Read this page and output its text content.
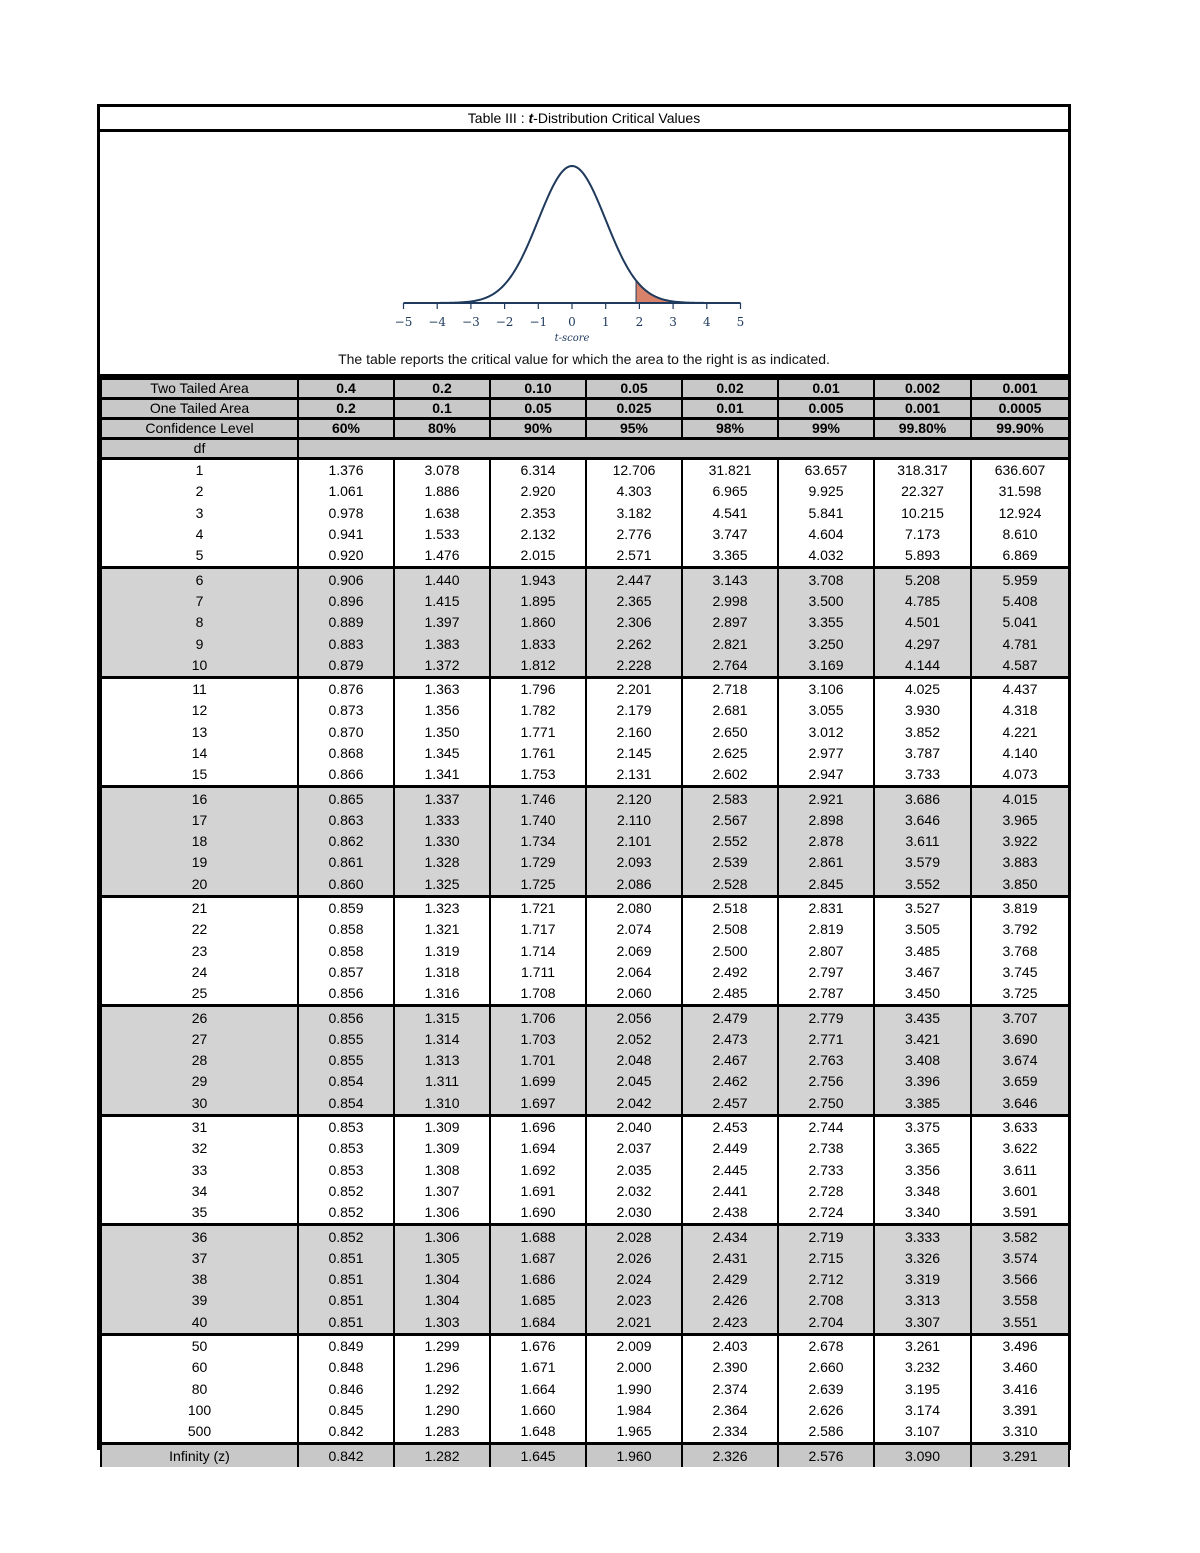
Table III : t-Distribution Critical Values
−5 −4 −3 −2 −1 0 1 2 3 4 5
t-score
The table reports the critical value for which the area to the right is as indicated.
Two Tailed Area	0.4	0.2	0.10	0.05	0.02	0.01	0.002	0.001
One Tailed Area	0.2	0.1	0.05	0.025	0.01	0.005	0.001	0.0005
Confidence Level	60%	80%	90%	95%	98%	99%	99.80%	99.90%
df								
1	1.376	3.078	6.314	12.706	31.821	63.657	318.317	636.607
2	1.061	1.886	2.920	4.303	6.965	9.925	22.327	31.598
3	0.978	1.638	2.353	3.182	4.541	5.841	10.215	12.924
4	0.941	1.533	2.132	2.776	3.747	4.604	7.173	8.610
5	0.920	1.476	2.015	2.571	3.365	4.032	5.893	6.869
6	0.906	1.440	1.943	2.447	3.143	3.708	5.208	5.959
7	0.896	1.415	1.895	2.365	2.998	3.500	4.785	5.408
8	0.889	1.397	1.860	2.306	2.897	3.355	4.501	5.041
9	0.883	1.383	1.833	2.262	2.821	3.250	4.297	4.781
10	0.879	1.372	1.812	2.228	2.764	3.169	4.144	4.587
11	0.876	1.363	1.796	2.201	2.718	3.106	4.025	4.437
12	0.873	1.356	1.782	2.179	2.681	3.055	3.930	4.318
13	0.870	1.350	1.771	2.160	2.650	3.012	3.852	4.221
14	0.868	1.345	1.761	2.145	2.625	2.977	3.787	4.140
15	0.866	1.341	1.753	2.131	2.602	2.947	3.733	4.073
16	0.865	1.337	1.746	2.120	2.583	2.921	3.686	4.015
17	0.863	1.333	1.740	2.110	2.567	2.898	3.646	3.965
18	0.862	1.330	1.734	2.101	2.552	2.878	3.611	3.922
19	0.861	1.328	1.729	2.093	2.539	2.861	3.579	3.883
20	0.860	1.325	1.725	2.086	2.528	2.845	3.552	3.850
21	0.859	1.323	1.721	2.080	2.518	2.831	3.527	3.819
22	0.858	1.321	1.717	2.074	2.508	2.819	3.505	3.792
23	0.858	1.319	1.714	2.069	2.500	2.807	3.485	3.768
24	0.857	1.318	1.711	2.064	2.492	2.797	3.467	3.745
25	0.856	1.316	1.708	2.060	2.485	2.787	3.450	3.725
26	0.856	1.315	1.706	2.056	2.479	2.779	3.435	3.707
27	0.855	1.314	1.703	2.052	2.473	2.771	3.421	3.690
28	0.855	1.313	1.701	2.048	2.467	2.763	3.408	3.674
29	0.854	1.311	1.699	2.045	2.462	2.756	3.396	3.659
30	0.854	1.310	1.697	2.042	2.457	2.750	3.385	3.646
31	0.853	1.309	1.696	2.040	2.453	2.744	3.375	3.633
32	0.853	1.309	1.694	2.037	2.449	2.738	3.365	3.622
33	0.853	1.308	1.692	2.035	2.445	2.733	3.356	3.611
34	0.852	1.307	1.691	2.032	2.441	2.728	3.348	3.601
35	0.852	1.306	1.690	2.030	2.438	2.724	3.340	3.591
36	0.852	1.306	1.688	2.028	2.434	2.719	3.333	3.582
37	0.851	1.305	1.687	2.026	2.431	2.715	3.326	3.574
38	0.851	1.304	1.686	2.024	2.429	2.712	3.319	3.566
39	0.851	1.304	1.685	2.023	2.426	2.708	3.313	3.558
40	0.851	1.303	1.684	2.021	2.423	2.704	3.307	3.551
50	0.849	1.299	1.676	2.009	2.403	2.678	3.261	3.496
60	0.848	1.296	1.671	2.000	2.390	2.660	3.232	3.460
80	0.846	1.292	1.664	1.990	2.374	2.639	3.195	3.416
100	0.845	1.290	1.660	1.984	2.364	2.626	3.174	3.391
500	0.842	1.283	1.648	1.965	2.334	2.586	3.107	3.310
Infinity (z)	0.842	1.282	1.645	1.960	2.326	2.576	3.090	3.291
